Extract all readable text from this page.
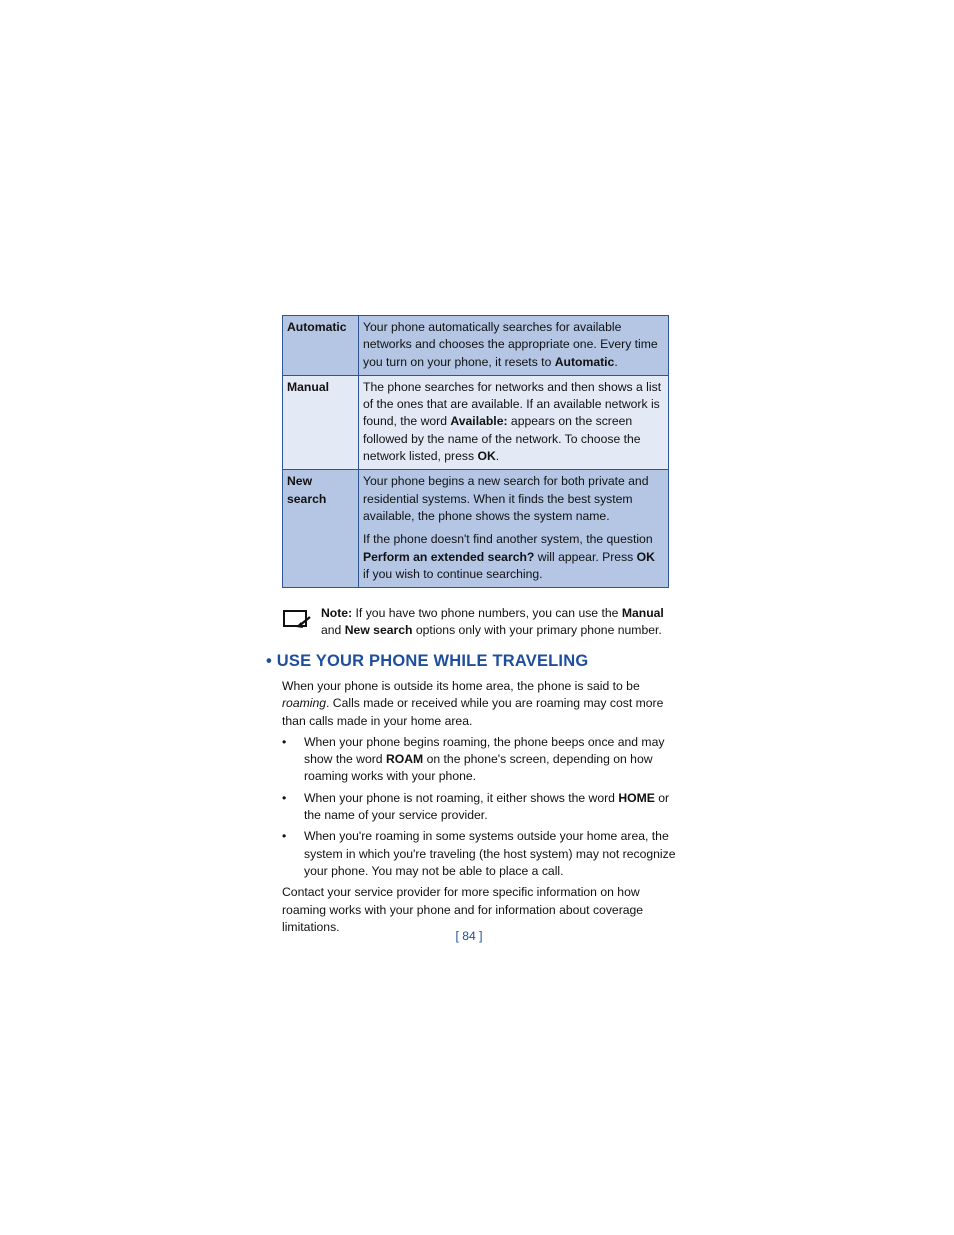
Automatic	Your phone automatically searches for available networks and chooses the appropriate one. Every time you turn on your phone, it resets to Automatic.

Manual	The phone searches for networks and then shows a list of the ones that are available. If an available network is found, the word Available: appears on the screen followed by the name of the network. To choose the network listed, press OK.

New search	Your phone begins a new search for both private and residential systems. When it finds the best system available, the phone shows the system name.

If the phone doesn't find another system, the question Perform an extended search? will appear. Press OK if you wish to continue searching.

Note: If you have two phone numbers, you can use the Manual and New search options only with your primary phone number.
• USE YOUR PHONE WHILE TRAVELING

When your phone is outside its home area, the phone is said to be roaming. Calls made or received while you are roaming may cost more than calls made in your home area.

• When your phone begins roaming, the phone beeps once and may show the word ROAM on the phone's screen, depending on how roaming works with your phone.
• When your phone is not roaming, it either shows the word HOME or the name of your service provider.
• When you're roaming in some systems outside your home area, the system in which you're traveling (the host system) may not recognize your phone. You may not be able to place a call.

Contact your service provider for more specific information on how roaming works with your phone and for information about coverage limitations.

[ 84 ]
